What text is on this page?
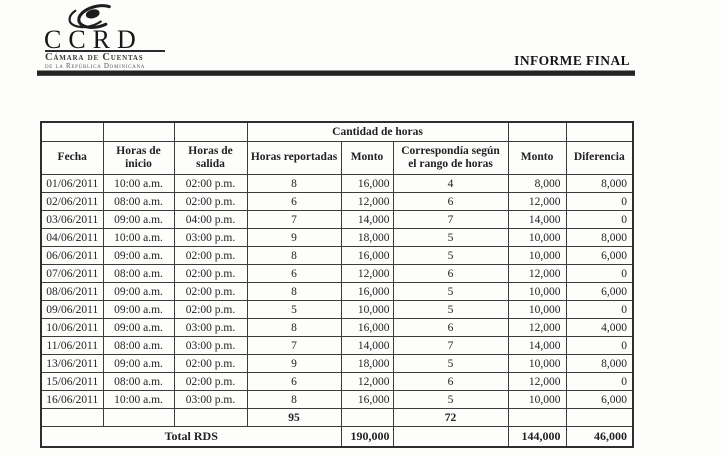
CCRD
Cámara de Cuentas
de la República Dominicana	INFORME FINAL
			Cantidad de horas				
Fecha	Horas de inicio	Horas de salida	Horas reportadas	Monto	Correspondía según el rango de horas	Monto	Diferencia
01/06/2011	10:00 a.m.	02:00 p.m.	8	16,000	4	8,000	8,000
02/06/2011	08:00 a.m.	02:00 p.m.	6	12,000	6	12,000	0
03/06/2011	09:00 a.m.	04:00 p.m.	7	14,000	7	14,000	0
04/06/2011	10:00 a.m.	03:00 p.m.	9	18,000	5	10,000	8,000
06/06/2011	09:00 a.m.	02:00 p.m.	8	16,000	5	10,000	6,000
07/06/2011	08:00 a.m.	02:00 p.m.	6	12,000	6	12,000	0
08/06/2011	09:00 a.m.	02:00 p.m.	8	16,000	5	10,000	6,000
09/06/2011	09:00 a.m.	02:00 p.m.	5	10,000	5	10,000	0
10/06/2011	09:00 a.m.	03:00 p.m.	8	16,000	6	12,000	4,000
11/06/2011	08:00 a.m.	03:00 p.m.	7	14,000	7	14,000	0
13/06/2011	09:00 a.m.	02:00 p.m.	9	18,000	5	10,000	8,000
15/06/2011	08:00 a.m.	02:00 p.m.	6	12,000	6	12,000	0
16/06/2011	10:00 a.m.	03:00 p.m.	8	16,000	5	10,000	6,000
			95		72		
Total RDS				190,000		144,000	46,000
